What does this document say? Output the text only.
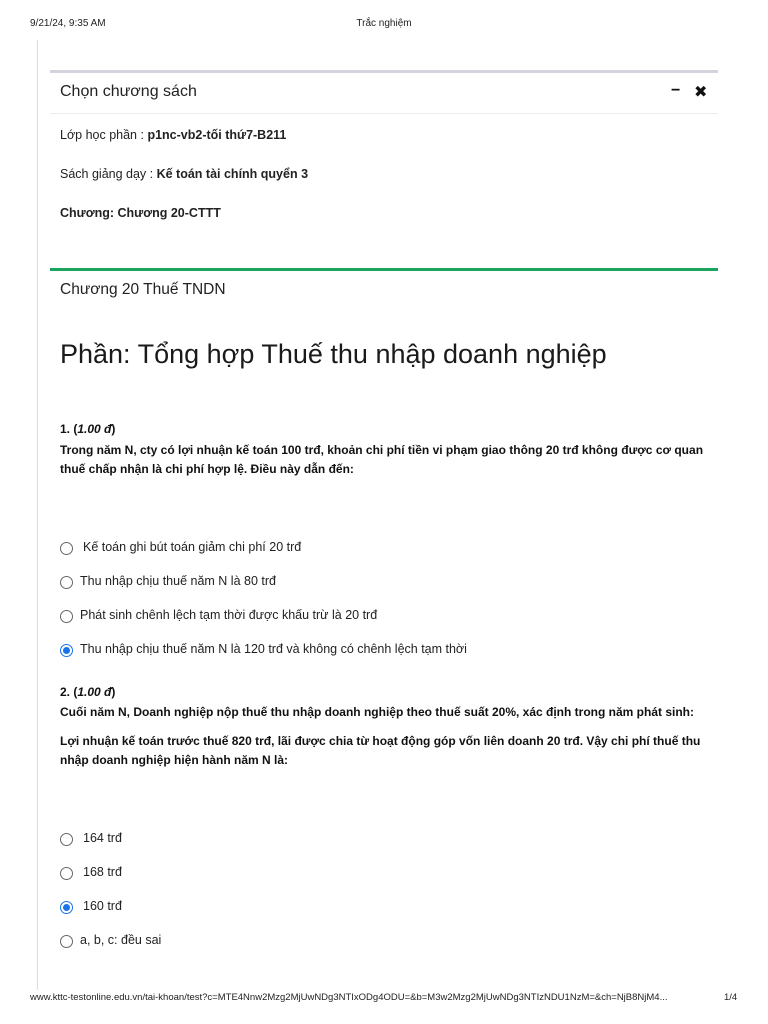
9/21/24, 9:35 AM	Trắc nghiệm
Chọn chương sách	− ✖
Lớp học phần : p1nc-vb2-tối thứ7-B211
Sách giảng dạy : Kế toán tài chính quyển 3
Chương: Chương 20-CTTT
Chương 20 Thuế TNDN
Phần: Tổng hợp Thuế thu nhập doanh nghiệp
1. (1.00 đ)
Trong năm N, cty có lợi nhuận kế toán 100 trđ, khoản chi phí tiền vi phạm giao thông 20 trđ không được cơ quan thuế chấp nhận là chi phí hợp lệ. Điều này dẫn đến:
Kế toán ghi bút toán giảm chi phí 20 trđ
Thu nhập chịu thuế năm N là 80 trđ
Phát sinh chênh lệch tạm thời được khấu trừ là 20 trđ
Thu nhập chịu thuế năm N là 120 trđ và không có chênh lệch tạm thời
2. (1.00 đ)
Cuối năm N, Doanh nghiệp nộp thuế thu nhập doanh nghiệp theo thuế suất 20%, xác định trong năm phát sinh:
Lợi nhuận kế toán trước thuế 820 trđ, lãi được chia từ hoạt động góp vốn liên doanh 20 trđ. Vậy chi phí thuế thu nhập doanh nghiệp hiện hành năm N là:
164 trđ
168 trđ
160 trđ
a, b, c: đều sai
www.kttc-testonline.edu.vn/tai-khoan/test?c=MTE4Nnw2Mzg2MjUwNDg3NTIxODg4ODU=&b=M3w2Mzg2MjUwNDg3NTIzNDU1NzM=&ch=NjB8NjM4...	1/4
